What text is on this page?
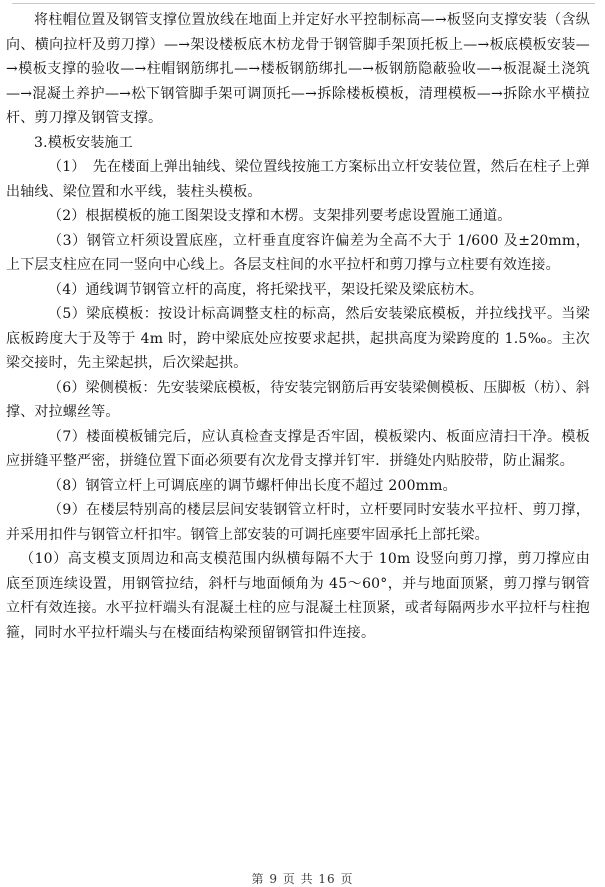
将柱帽位置及钢管支撑位置放线在地面上并定好水平控制标高—→板竖向支撑安装（含纵向、横向拉杆及剪刀撑）—→架设楼板底木枋龙骨于钢管脚手架顶托板上—→板底模板安装—→模板支撑的验收—→柱帽钢筋绑扎—→楼板钢筋绑扎—→板钢筋隐蔽验收—→板混凝土浇筑—→混凝土养护—→松下钢管脚手架可调顶托—→拆除楼板模板，清理模板—→拆除水平横拉杆、剪刀撑及钢管支撑。

3.模板安装施工

（1）　先在楼面上弹出轴线、梁位置线按施工方案标出立杆安装位置，然后在柱子上弹出轴线、梁位置和水平线，装柱头模板。

（2）根据模板的施工图架设支撑和木楞。支架排列要考虑设置施工通道。

（3）钢管立杆须设置底座，立杆垂直度容许偏差为全高不大于 1/600 及±20mm，上下层支柱应在同一竖向中心线上。各层支柱间的水平拉杆和剪刀撑与立柱要有效连接。

（4）通线调节钢管立杆的高度，将托梁找平，架设托梁及梁底枋木。

（5）梁底模板：按设计标高调整支柱的标高，然后安装梁底模板，并拉线找平。当梁底板跨度大于及等于 4m 时，跨中梁底处应按要求起拱，起拱高度为梁跨度的 1.5‰。主次梁交接时，先主梁起拱，后次梁起拱。

（6）梁侧模板：先安装梁底模板，待安装完钢筋后再安装梁侧模板、压脚板（枋）、斜撑、对拉螺丝等。

（7）楼面模板铺完后，应认真检查支撑是否牢固，模板梁内、板面应清扫干净。模板应拼缝平整严密，拼缝位置下面必须要有次龙骨支撑并钉牢．拼缝处内贴胶带，防止漏浆。

（8）钢管立杆上可调底座的调节螺杆伸出长度不超过 200mm。

（9）在楼层特别高的楼层层间安装钢管立杆时，立杆要同时安装水平拉杆、剪刀撑，并采用扣件与钢管立杆扣牢。钢管上部安装的可调托座要牢固承托上部托梁。

（10）高支模支顶周边和高支模范围内纵横每隔不大于 10m 设竖向剪刀撑，剪刀撑应由底至顶连续设置，用钢管拉结，斜杆与地面倾角为 45～60°，并与地面顶紧，剪刀撑与钢管立杆有效连接。水平拉杆端头有混凝土柱的应与混凝土柱顶紧，或者每隔两步水平拉杆与柱抱箍，同时水平拉杆端头与在楼面结构梁预留钢管扣件连接。

第 9 页 共 16 页
